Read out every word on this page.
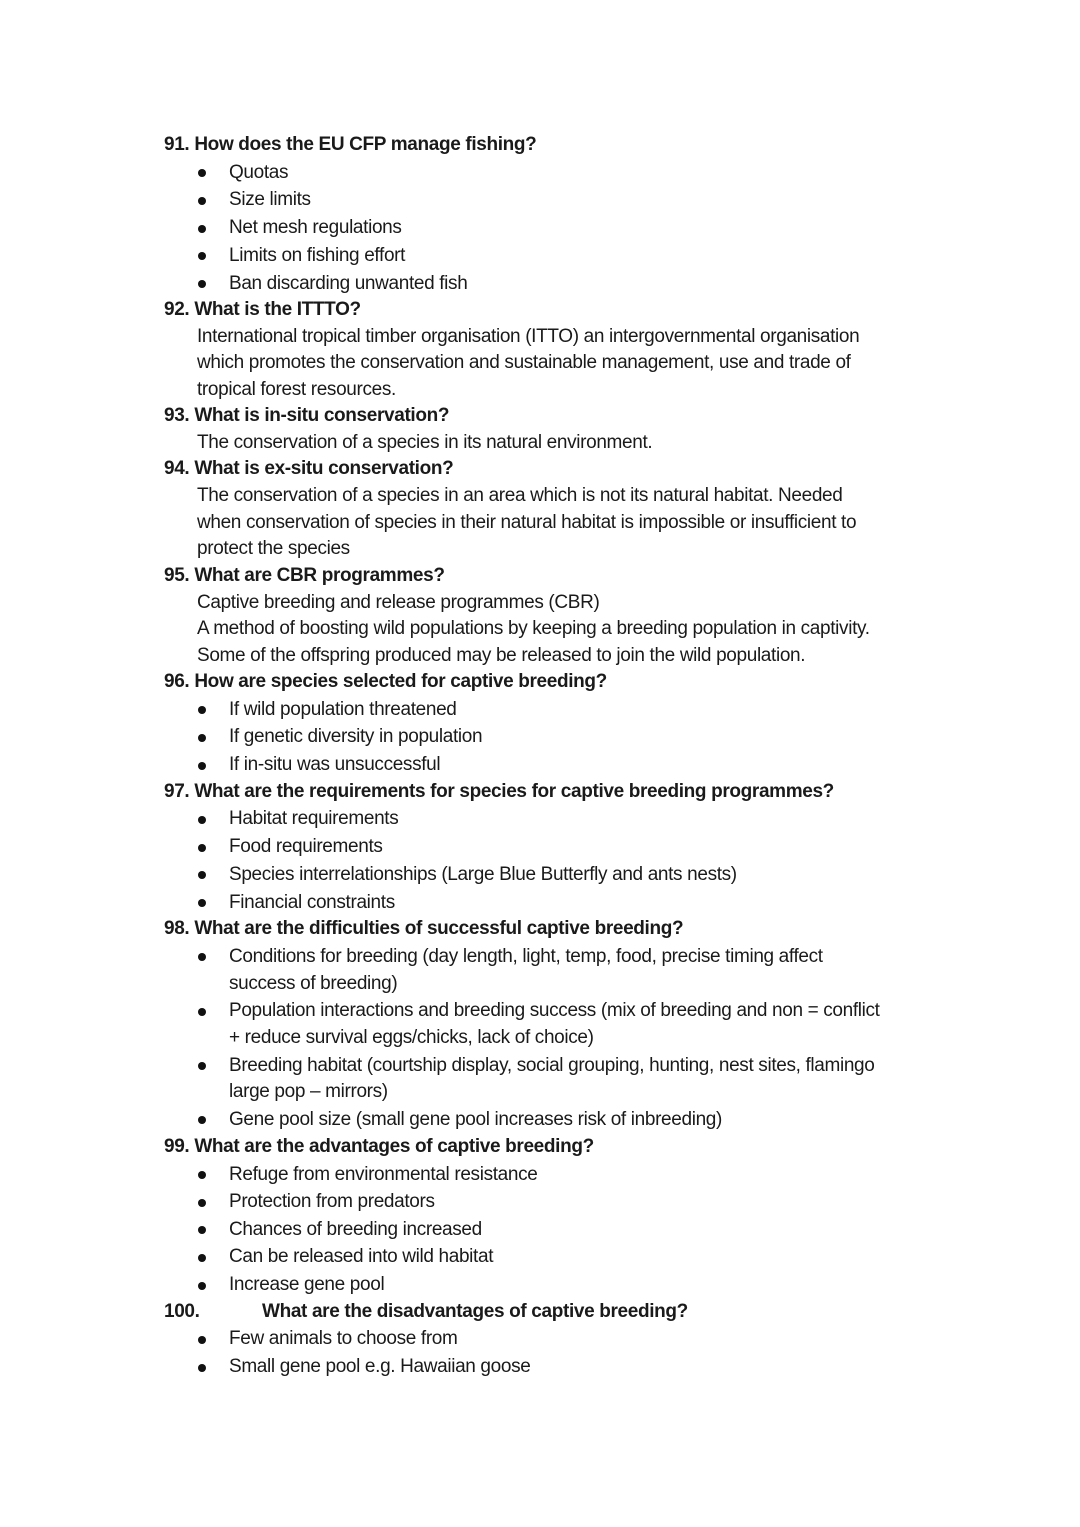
91. How does the EU CFP manage fishing?
Quotas
Size limits
Net mesh regulations
Limits on fishing effort
Ban discarding unwanted fish
92. What is the ITTTO?
International tropical timber organisation (ITTO) an intergovernmental organisation
which promotes the conservation and sustainable management, use and trade of
tropical forest resources.
93. What is in-situ conservation?
The conservation of a species in its natural environment.
94. What is ex-situ conservation?
The conservation of a species in an area which is not its natural habitat. Needed
when conservation of species in their natural habitat is impossible or insufficient to
protect the species
95. What are CBR programmes?
Captive breeding and release programmes (CBR)
A method of boosting wild populations by keeping a breeding population in captivity.
Some of the offspring produced may be released to join the wild population.
96. How are species selected for captive breeding?
If wild population threatened
If genetic diversity in population
If in-situ was unsuccessful
97. What are the requirements for species for captive breeding programmes?
Habitat requirements
Food requirements
Species interrelationships (Large Blue Butterfly and ants nests)
Financial constraints
98. What are the difficulties of successful captive breeding?
Conditions for breeding (day length, light, temp, food, precise timing affect
success of breeding)
Population interactions and breeding success (mix of breeding and non = conflict
+ reduce survival eggs/chicks, lack of choice)
Breeding habitat (courtship display, social grouping, hunting, nest sites, flamingo
large pop – mirrors)
Gene pool size (small gene pool increases risk of inbreeding)
99. What are the advantages of captive breeding?
Refuge from environmental resistance
Protection from predators
Chances of breeding increased
Can be released into wild habitat
Increase gene pool
100.	What are the disadvantages of captive breeding?
Few animals to choose from
Small gene pool e.g. Hawaiian goose
